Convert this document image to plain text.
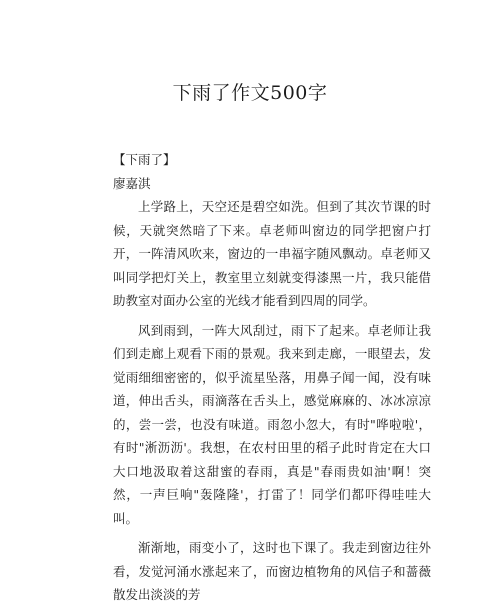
下雨了作文500字

【下雨了】

廖嘉淇

上学路上，天空还是碧空如洗。但到了其次节课的时候，天就突然暗了下来。卓老师叫窗边的同学把窗户打开，一阵清风吹来，窗边的一串福字随风飘动。卓老师又叫同学把灯关上，教室里立刻就变得漆黑一片，我只能借助教室对面办公室的光线才能看到四周的同学。

风到雨到，一阵大风刮过，雨下了起来。卓老师让我们到走廊上观看下雨的景观。我来到走廊，一眼望去，发觉雨细细密密的，似乎流星坠落，用鼻子闻一闻，没有味道，伸出舌头，雨滴落在舌头上，感觉麻麻的、冰冰凉凉的，尝一尝，也没有味道。雨忽小忽大，有时"哗啦啦'，有时"淅沥沥'。我想，在农村田里的稻子此时肯定在大口大口地汲取着这甜蜜的春雨，真是"春雨贵如油'啊！突然，一声巨响"轰隆隆'，打雷了！同学们都吓得哇哇大叫。

渐渐地，雨变小了，这时也下课了。我走到窗边往外看，发觉河涌水涨起来了，而窗边植物角的风信子和蔷薇散发出淡淡的芳
